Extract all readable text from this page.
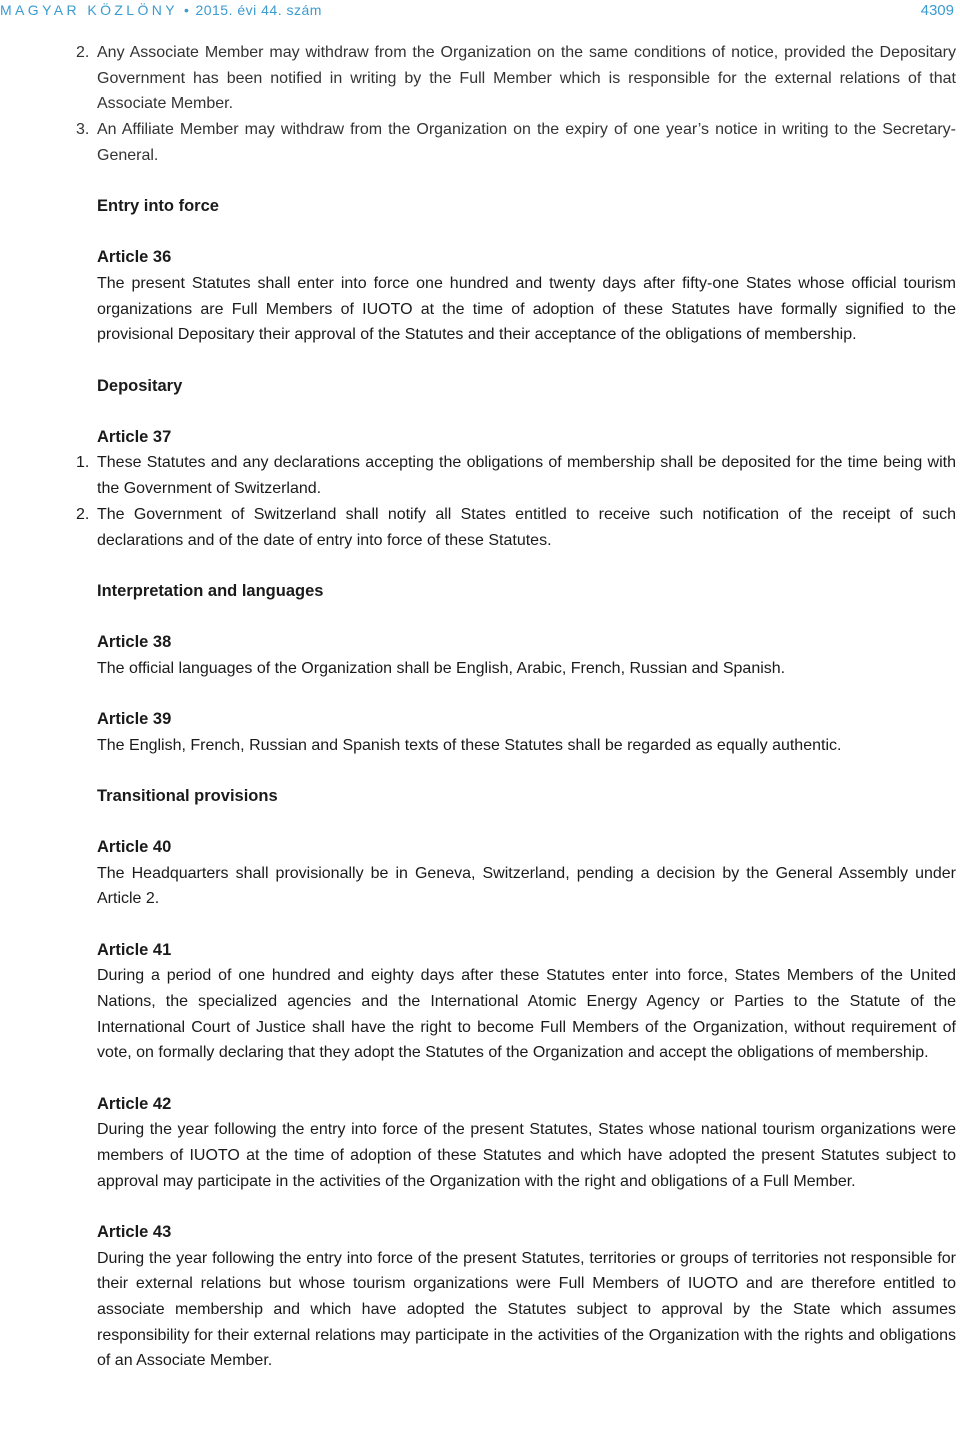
MAGYAR KÖZLÖNY • 2015. évi 44. szám	4309
2. Any Associate Member may withdraw from the Organization on the same conditions of notice, provided the Depositary Government has been notified in writing by the Full Member which is responsible for the external relations of that Associate Member.
3. An Affiliate Member may withdraw from the Organization on the expiry of one year’s notice in writing to the Secretary-General.
Entry into force
Article 36
The present Statutes shall enter into force one hundred and twenty days after fifty-one States whose official tourism organizations are Full Members of IUOTO at the time of adoption of these Statutes have formally signified to the provisional Depositary their approval of the Statutes and their acceptance of the obligations of membership.
Depositary
Article 37
1. These Statutes and any declarations accepting the obligations of membership shall be deposited for the time being with the Government of Switzerland.
2. The Government of Switzerland shall notify all States entitled to receive such notification of the receipt of such declarations and of the date of entry into force of these Statutes.
Interpretation and languages
Article 38
The official languages of the Organization shall be English, Arabic, French, Russian and Spanish.
Article 39
The English, French, Russian and Spanish texts of these Statutes shall be regarded as equally authentic.
Transitional provisions
Article 40
The Headquarters shall provisionally be in Geneva, Switzerland, pending a decision by the General Assembly under Article 2.
Article 41
During a period of one hundred and eighty days after these Statutes enter into force, States Members of the United Nations, the specialized agencies and the International Atomic Energy Agency or Parties to the Statute of the International Court of Justice shall have the right to become Full Members of the Organization, without requirement of vote, on formally declaring that they adopt the Statutes of the Organization and accept the obligations of membership.
Article 42
During the year following the entry into force of the present Statutes, States whose national tourism organizations were members of IUOTO at the time of adoption of these Statutes and which have adopted the present Statutes subject to approval may participate in the activities of the Organization with the right and obligations of a Full Member.
Article 43
During the year following the entry into force of the present Statutes, territories or groups of territories not responsible for their external relations but whose tourism organizations were Full Members of IUOTO and are therefore entitled to associate membership and which have adopted the Statutes subject to approval by the State which assumes responsibility for their external relations may participate in the activities of the Organization with the rights and obligations of an Associate Member.
